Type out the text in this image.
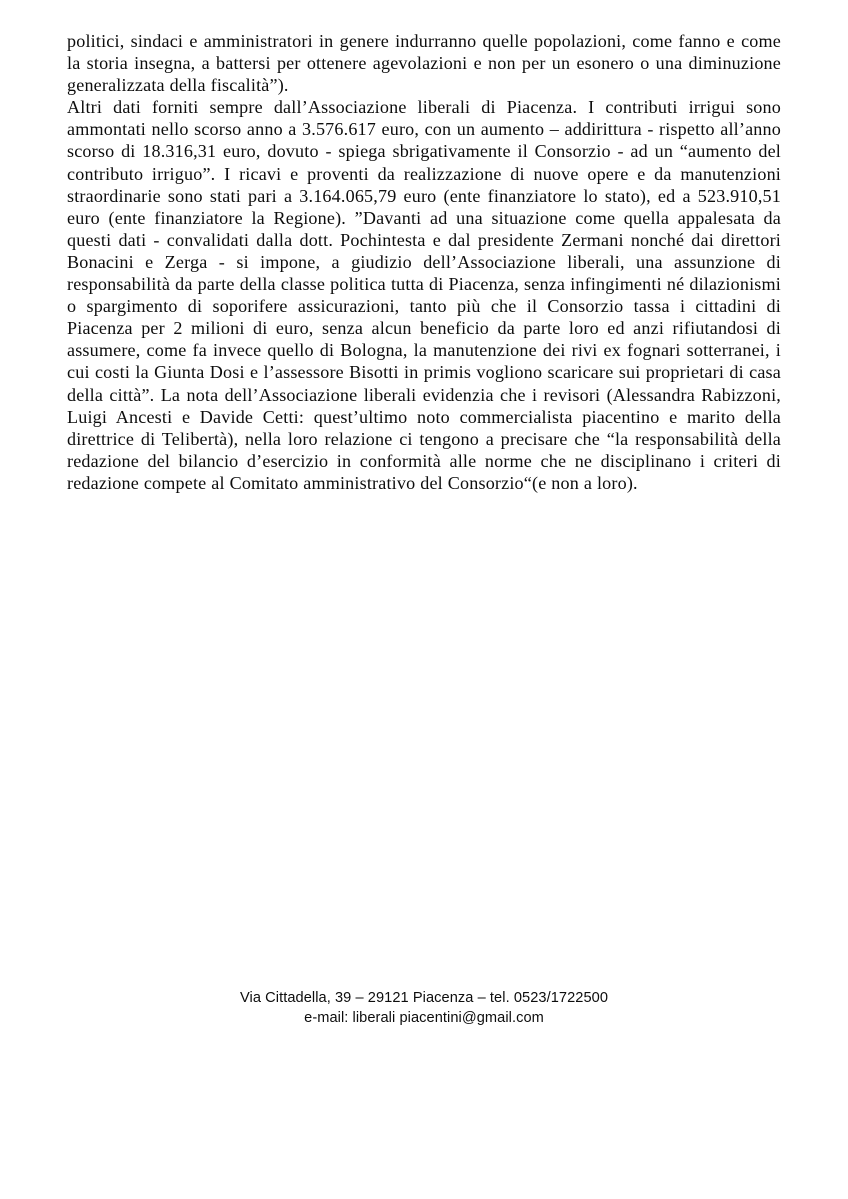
politici, sindaci e amministratori in genere indurranno quelle popolazioni, come fanno e come la storia insegna, a battersi per ottenere agevolazioni e non per un esonero o una diminuzione generalizzata della fiscalità”).

Altri dati forniti sempre dall’Associazione liberali di Piacenza. I contributi irrigui sono ammontati nello scorso anno a 3.576.617 euro, con un aumento – addirittura - rispetto all’anno scorso di 18.316,31 euro, dovuto - spiega sbrigativamente il Consorzio - ad un “aumento del contributo irriguo”. I ricavi e proventi da realizzazione di nuove opere e da manutenzioni straordinarie sono stati pari a 3.164.065,79 euro (ente finanziatore lo stato), ed a 523.910,51 euro (ente finanziatore la Regione). ”Davanti ad una situazione come quella appalesata da questi dati - convalidati dalla dott. Pochintesta e dal presidente Zermani nonché dai direttori Bonacini e Zerga - si impone, a giudizio dell’Associazione liberali, una assunzione di responsabilità da parte della classe politica tutta di Piacenza, senza infingimenti né dilazionismi o spargimento di soporifere assicurazioni, tanto più che il Consorzio tassa i cittadini di Piacenza per 2 milioni di euro, senza alcun beneficio da parte loro ed anzi rifiutandosi di assumere, come fa invece quello di Bologna, la manutenzione dei rivi ex fognari sotterranei, i cui costi la Giunta Dosi e l’assessore Bisotti in primis vogliono scaricare sui proprietari di casa della città”. La nota dell’Associazione liberali evidenzia che i revisori (Alessandra Rabizzoni, Luigi Ancesti e Davide Cetti: quest’ultimo noto commercialista piacentino e marito della direttrice di Telibertà), nella loro relazione ci tengono a precisare che “la responsabilità della redazione del bilancio d’esercizio in conformità alle norme che ne disciplinano i criteri di redazione compete al Comitato amministrativo del Consorzio“(e non a loro).

Via Cittadella, 39 – 29121 Piacenza – tel. 0523/1722500
e-mail: liberali piacentini@gmail.com
